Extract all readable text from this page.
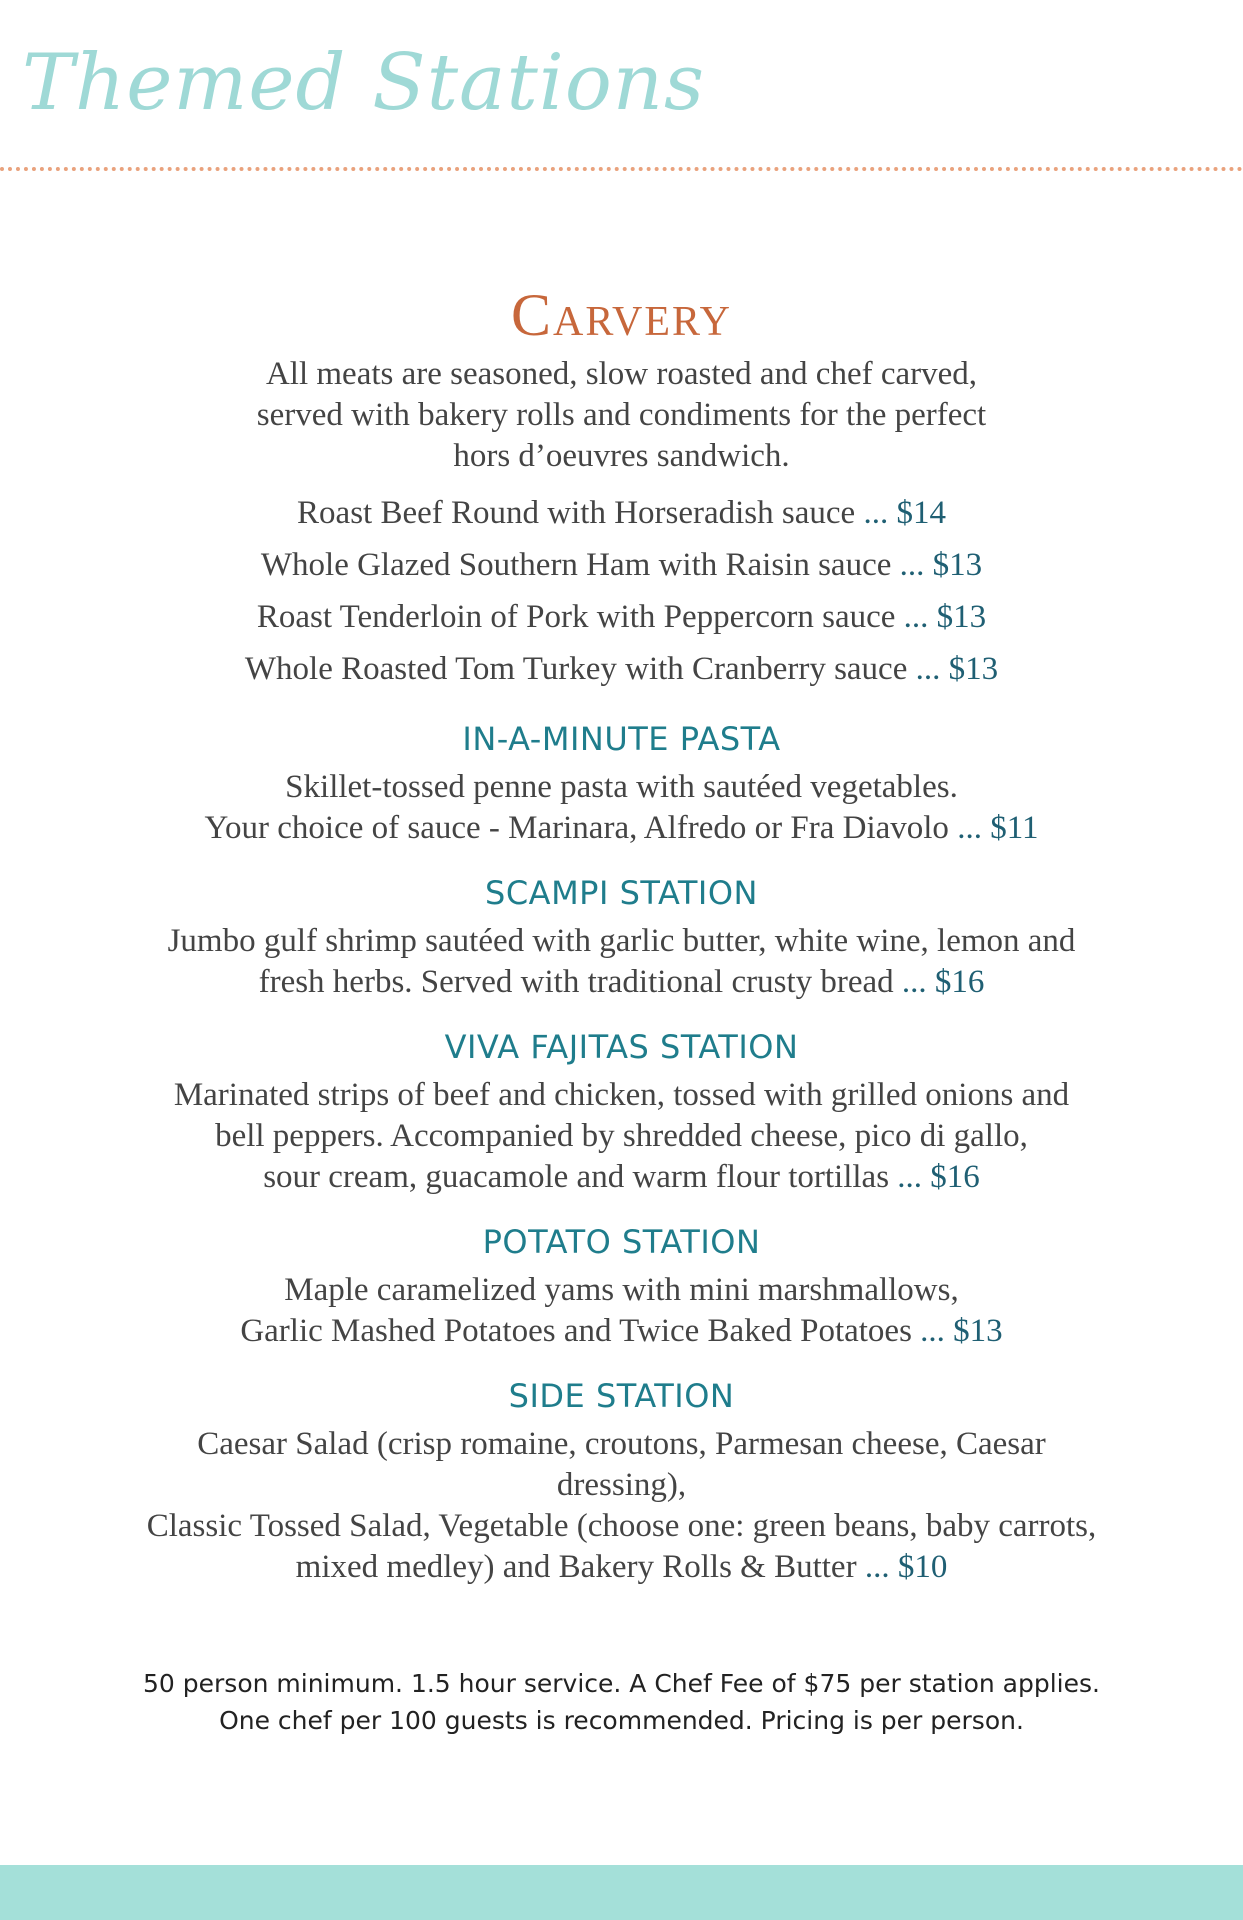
Themed Stations
Carvery
All meats are seasoned, slow roasted and chef carved,
served with bakery rolls and condiments for the perfect
hors d’oeuvres sandwich.
Roast Beef Round with Horseradish sauce ... $14
Whole Glazed Southern Ham with Raisin sauce ... $13
Roast Tenderloin of Pork with Peppercorn sauce ... $13
Whole Roasted Tom Turkey with Cranberry sauce ... $13
IN-A-MINUTE PASTA
Skillet-tossed penne pasta with sautéed vegetables.
Your choice of sauce - Marinara, Alfredo or Fra Diavolo ... $11
SCAMPI STATION
Jumbo gulf shrimp sautéed with garlic butter, white wine, lemon and
fresh herbs. Served with traditional crusty bread ... $16
VIVA FAJITAS STATION
Marinated strips of beef and chicken, tossed with grilled onions and
bell peppers. Accompanied by shredded cheese, pico di gallo,
sour cream, guacamole and warm flour tortillas ... $16
POTATO STATION
Maple caramelized yams with mini marshmallows,
Garlic Mashed Potatoes and Twice Baked Potatoes ... $13
SIDE STATION
Caesar Salad (crisp romaine, croutons, Parmesan cheese, Caesar
dressing),
Classic Tossed Salad, Vegetable (choose one: green beans, baby carrots,
mixed medley) and Bakery Rolls & Butter ... $10
50 person minimum. 1.5 hour service. A Chef Fee of $75 per station applies.
One chef per 100 guests is recommended. Pricing is per person.
